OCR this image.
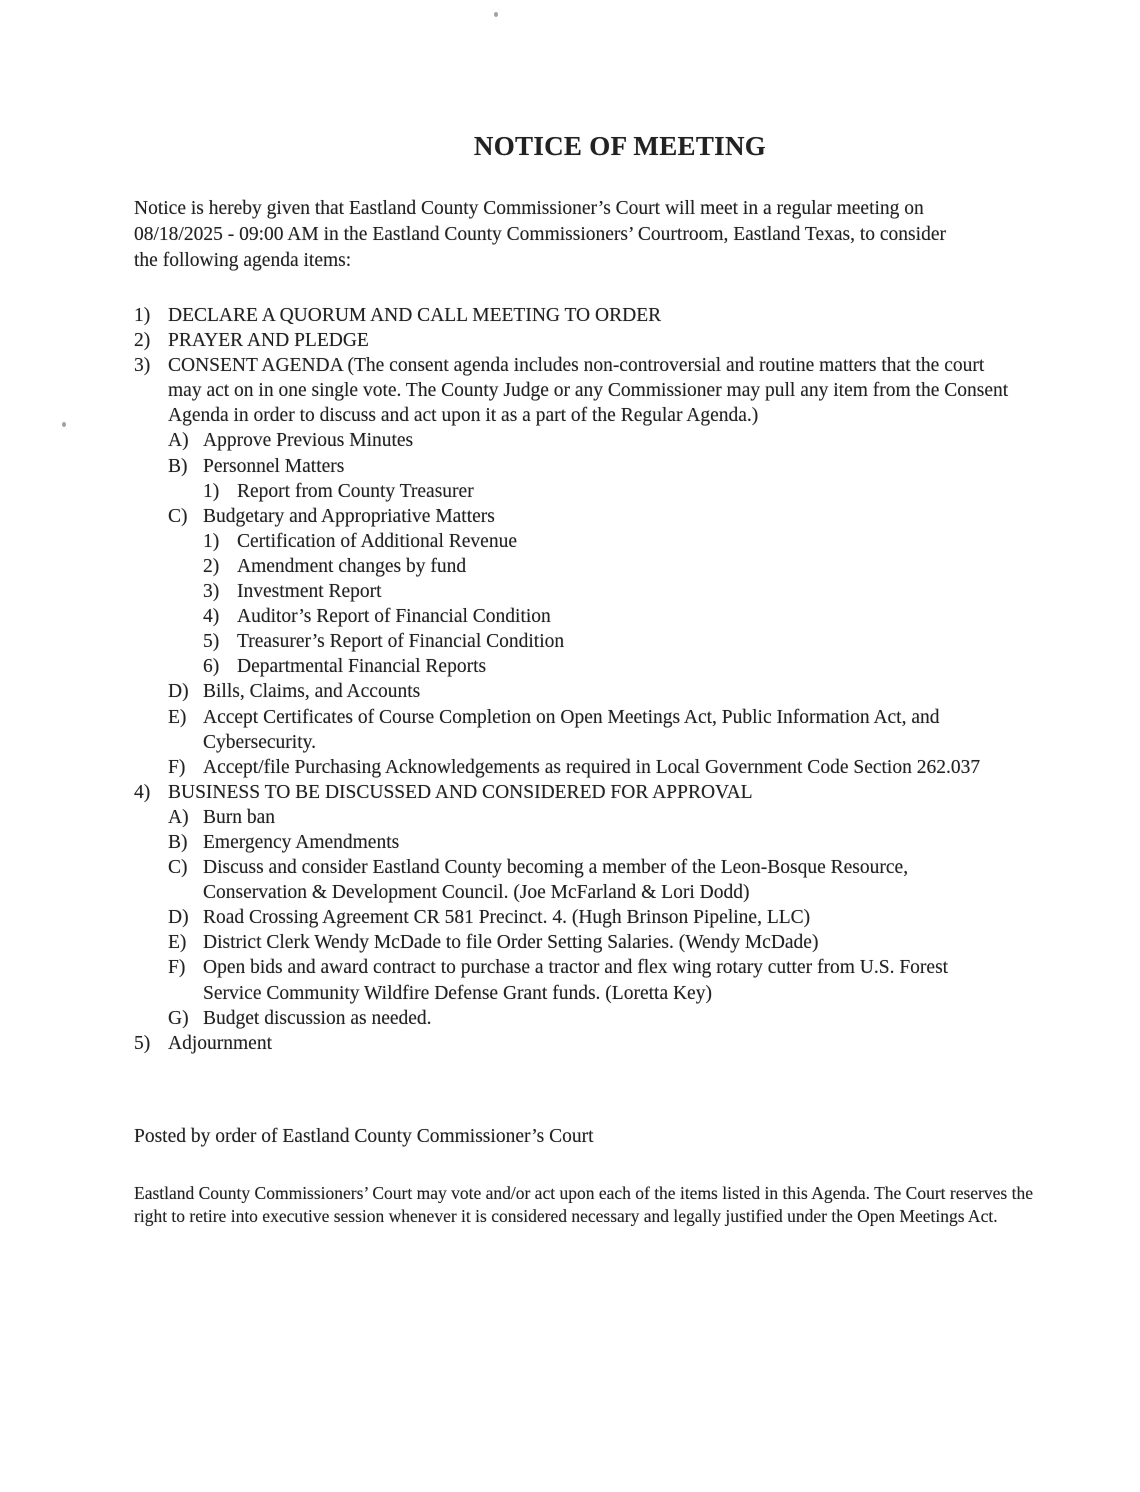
NOTICE OF MEETING

Notice is hereby given that Eastland County Commissioner’s Court will meet in a regular meeting on 08/18/2025 - 09:00 AM in the Eastland County Commissioners’ Courtroom, Eastland Texas, to consider the following agenda items:

1) DECLARE A QUORUM AND CALL MEETING TO ORDER
2) PRAYER AND PLEDGE
3) CONSENT AGENDA (The consent agenda includes non-controversial and routine matters that the court may act on in one single vote. The County Judge or any Commissioner may pull any item from the Consent Agenda in order to discuss and act upon it as a part of the Regular Agenda.)
A) Approve Previous Minutes
B) Personnel Matters
1) Report from County Treasurer
C) Budgetary and Appropriative Matters
1) Certification of Additional Revenue
2) Amendment changes by fund
3) Investment Report
4) Auditor’s Report of Financial Condition
5) Treasurer’s Report of Financial Condition
6) Departmental Financial Reports
D) Bills, Claims, and Accounts
E) Accept Certificates of Course Completion on Open Meetings Act, Public Information Act, and Cybersecurity.
F) Accept/file Purchasing Acknowledgements as required in Local Government Code Section 262.037
4) BUSINESS TO BE DISCUSSED AND CONSIDERED FOR APPROVAL
A) Burn ban
B) Emergency Amendments
C) Discuss and consider Eastland County becoming a member of the Leon-Bosque Resource, Conservation & Development Council. (Joe McFarland & Lori Dodd)
D) Road Crossing Agreement CR 581 Precinct. 4. (Hugh Brinson Pipeline, LLC)
E) District Clerk Wendy McDade to file Order Setting Salaries. (Wendy McDade)
F) Open bids and award contract to purchase a tractor and flex wing rotary cutter from U.S. Forest Service Community Wildfire Defense Grant funds. (Loretta Key)
G) Budget discussion as needed.
5) Adjournment

Posted by order of Eastland County Commissioner’s Court

Eastland County Commissioners’ Court may vote and/or act upon each of the items listed in this Agenda. The Court reserves the right to retire into executive session whenever it is considered necessary and legally justified under the Open Meetings Act.
